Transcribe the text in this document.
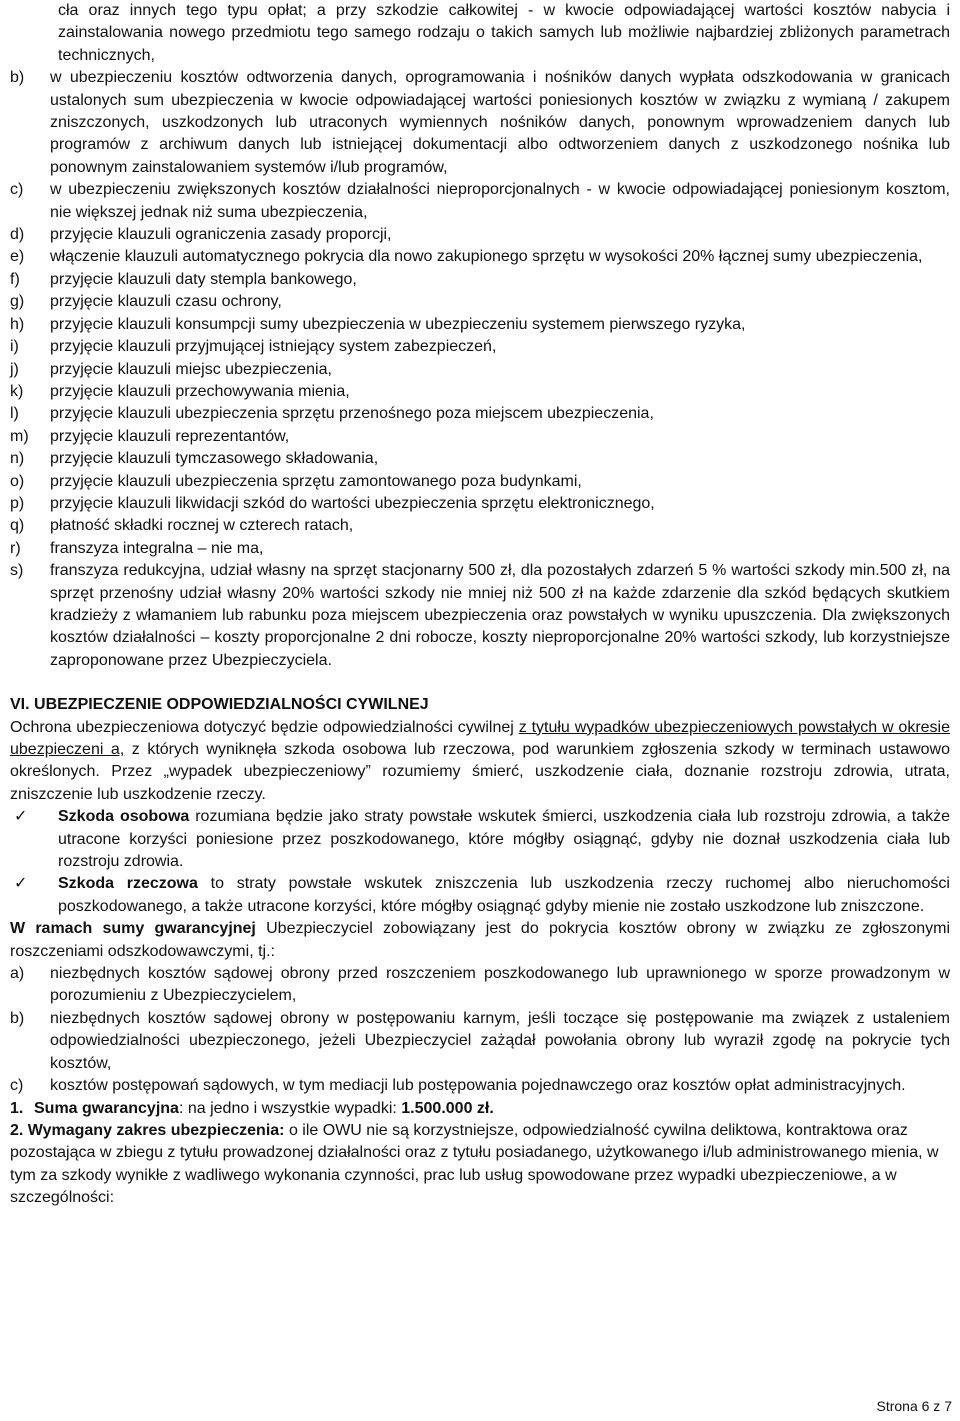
cła oraz innych tego typu opłat; a przy szkodzie całkowitej - w kwocie odpowiadającej wartości kosztów nabycia i zainstalowania nowego przedmiotu tego samego rodzaju o takich samych lub możliwie najbardziej zbliżonych parametrach technicznych,

b)	w ubezpieczeniu kosztów odtworzenia danych, oprogramowania i nośników danych wypłata odszkodowania w granicach ustalonych sum ubezpieczenia w kwocie odpowiadającej wartości poniesionych kosztów w związku z wymianą / zakupem zniszczonych, uszkodzonych lub utraconych wymiennych nośników danych, ponownym wprowadzeniem danych lub programów z archiwum danych lub istniejącej dokumentacji albo odtworzeniem danych z uszkodzonego nośnika lub ponownym zainstalowaniem systemów i/lub programów,
c)	w ubezpieczeniu zwiększonych kosztów działalności nieproporcjonalnych - w kwocie odpowiadającej poniesionym kosztom, nie większej jednak niż suma ubezpieczenia,
d)	przyjęcie klauzuli ograniczenia zasady proporcji,
e)	włączenie klauzuli automatycznego pokrycia dla nowo zakupionego sprzętu w wysokości 20% łącznej sumy ubezpieczenia,
f)	przyjęcie klauzuli daty stempla bankowego,
g)	przyjęcie klauzuli czasu ochrony,
h)	przyjęcie klauzuli konsumpcji sumy ubezpieczenia w ubezpieczeniu systemem pierwszego ryzyka,
i)	przyjęcie klauzuli przyjmującej istniejący system zabezpieczeń,
j)	przyjęcie klauzuli miejsc ubezpieczenia,
k)	przyjęcie klauzuli przechowywania mienia,
l)	przyjęcie klauzuli ubezpieczenia sprzętu przenośnego poza miejscem ubezpieczenia,
m)	przyjęcie klauzuli reprezentantów,
n)	przyjęcie klauzuli tymczasowego składowania,
o)	przyjęcie klauzuli ubezpieczenia sprzętu zamontowanego poza budynkami,
p)	przyjęcie klauzuli likwidacji szkód do wartości ubezpieczenia sprzętu elektronicznego,
q)	płatność składki rocznej w czterech ratach,
r)	franszyza integralna – nie ma,
s)	franszyza redukcyjna, udział własny na sprzęt stacjonarny 500 zł, dla pozostałych zdarzeń 5 % wartości szkody min.500 zł, na sprzęt przenośny udział własny 20% wartości szkody nie mniej niż 500 zł na każde zdarzenie dla szkód będących skutkiem kradzieży z włamaniem lub rabunku poza miejscem ubezpieczenia oraz powstałych w wyniku upuszczenia. Dla zwiększonych kosztów działalności – koszty proporcjonalne 2 dni robocze, koszty nieproporcjonalne 20% wartości szkody, lub korzystniejsze zaproponowane przez Ubezpieczyciela.

VI. UBEZPIECZENIE ODPOWIEDZIALNOŚCI CYWILNEJ

Ochrona ubezpieczeniowa dotyczyć będzie odpowiedzialności cywilnej z tytułu wypadków ubezpieczeniowych powstałych w okresie ubezpieczeni a, z których wyniknęła szkoda osobowa lub rzeczowa, pod warunkiem zgłoszenia szkody w terminach ustawowo określonych. Przez „wypadek ubezpieczeniowy” rozumiemy śmierć, uszkodzenie ciała, doznanie rozstroju zdrowia, utrata, zniszczenie lub uszkodzenie rzeczy.

✓	Szkoda osobowa rozumiana będzie jako straty powstałe wskutek śmierci, uszkodzenia ciała lub rozstroju zdrowia, a także utracone korzyści poniesione przez poszkodowanego, które mógłby osiągnąć, gdyby nie doznał uszkodzenia ciała lub rozstroju zdrowia.
✓	Szkoda rzeczowa to straty powstałe wskutek zniszczenia lub uszkodzenia rzeczy ruchomej albo nieruchomości poszkodowanego, a także utracone korzyści, które mógłby osiągnąć gdyby mienie nie zostało uszkodzone lub zniszczone.

W ramach sumy gwarancyjnej Ubezpieczyciel zobowiązany jest do pokrycia kosztów obrony w związku ze zgłoszonymi roszczeniami odszkodowawczymi, tj.:

a)	niezbędnych kosztów sądowej obrony przed roszczeniem poszkodowanego lub uprawnionego w sporze prowadzonym w porozumieniu z Ubezpieczycielem,
b)	niezbędnych kosztów sądowej obrony w postępowaniu karnym, jeśli toczące się postępowanie ma związek z ustaleniem odpowiedzialności ubezpieczonego, jeżeli Ubezpieczyciel zażądał powołania obrony lub wyraził zgodę na pokrycie tych kosztów,
c)	kosztów postępowań sądowych, w tym mediacji lub postępowania pojednawczego oraz kosztów opłat administracyjnych.
1. Suma gwarancyjna: na jedno i wszystkie wypadki: 1.500.000 zł.
2. Wymagany zakres ubezpieczenia: o ile OWU nie są korzystniejsze, odpowiedzialność cywilna deliktowa, kontraktowa oraz pozostająca w zbiegu z tytułu prowadzonej działalności oraz z tytułu posiadanego, użytkowanego i/lub administrowanego mienia, w tym za szkody wynikłe z wadliwego wykonania czynności, prac lub usług spowodowane przez wypadki ubezpieczeniowe, a w szczególności:
Strona 6 z 7
